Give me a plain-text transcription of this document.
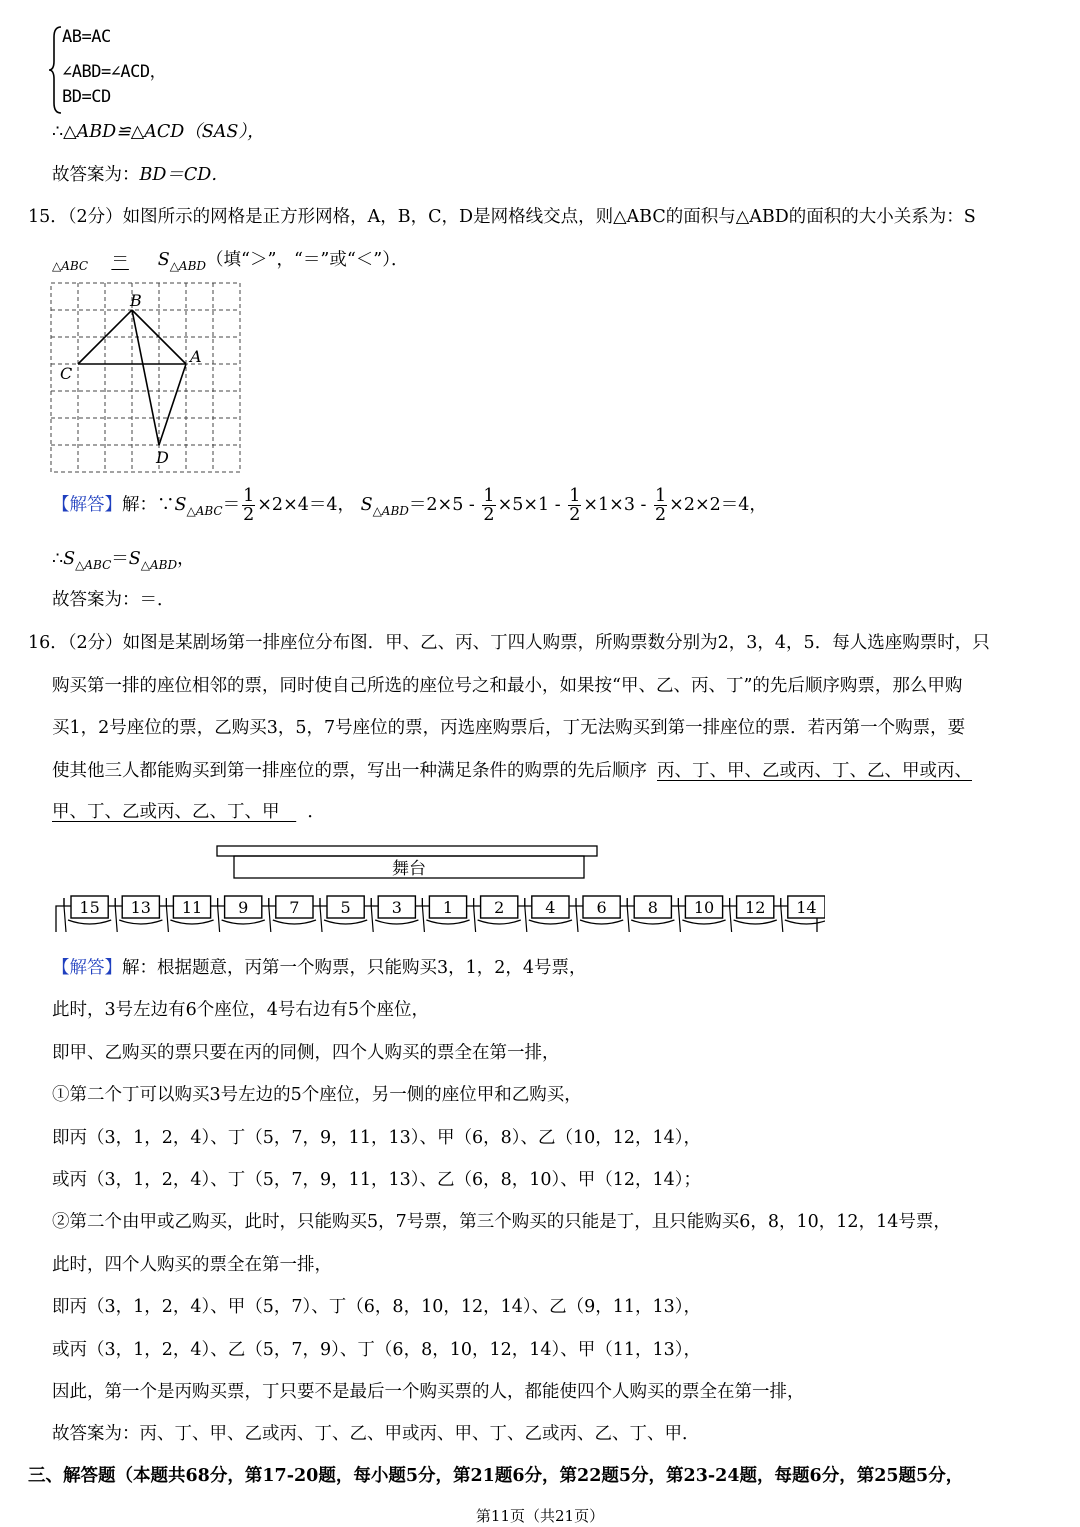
AB=AC
∠ABD=∠ACD，
BD=CD
∴△ABD≌△ACD（SAS），
故答案为：BD＝CD．
15．（2分）如图所示的网格是正方形网格，A，B，C，D是网格线交点，则△ABC的面积与△ABD的面积的大小关系为：S
$_{\triangle ABC} = S_{\triangle ABD}$（填“＞”，“＝”或“＜”）．
B
A
C
D
【解答】解：$\because S_{\triangle ABC}= \frac{1}{2} \times 2\times 4=4$， $S_{\triangle ABD}=2\times 5 - \frac{1}{2} \times 5\times 1 - \frac{1}{2} \times 1\times 3 - \frac{1}{2} \times 2\times 2=4$，
$\therefore S_{\triangle ABC}=S_{\triangle ABD}$，
故答案为：＝．
16．（2分）如图是某剧场第一排座位分布图．甲、乙、丙、丁四人购票，所购票数分别为2，3，4，5．每人选座购票时，只
购买第一排的座位相邻的票，同时使自己所选的座位号之和最小，如果按“甲、乙、丙、丁”的先后顺序购票，那么甲购
买1，2号座位的票，乙购买3，5，7号座位的票，丙选座购票后，丁无法购买到第一排座位的票．若丙第一个购票，要
使其他三人都能购买到第一排座位的票，写出一种满足条件的购票的先后顺序 丙、丁、甲、乙或丙、丁、乙、甲或丙、
甲、丁、乙或丙、乙、丁、甲 ．
舞台
15 13 11 9	7	5	3	1	2	4	6	8 10 12 14
【解答】解：根据题意，丙第一个购票，只能购买3，1，2，4号票，
此时，3号左边有6个座位，4号右边有5个座位，
即甲、乙购买的票只要在丙的同侧，四个人购买的票全在第一排，
①第二个丁可以购买3号左边的5个座位，另一侧的座位甲和乙购买，
即丙（3，1，2，4）、丁（5，7，9，11，13）、甲（6，8）、乙（10，12，14），
或丙（3，1，2，4）、丁（5，7，9，11，13）、乙（6，8，10）、甲（12，14）；
②第二个由甲或乙购买，此时，只能购买5，7号票，第三个购买的只能是丁，且只能购买6，8，10，12，14号票，
此时，四个人购买的票全在第一排，
即丙（3，1，2，4）、甲（5，7）、丁（6，8，10，12，14）、乙（9，11，13），
或丙（3，1，2，4）、乙（5，7，9）、丁（6，8，10，12，14）、甲（11，13），
因此，第一个是丙购买票，丁只要不是最后一个购买票的人，都能使四个人购买的票全在第一排，
故答案为：丙、丁、甲、乙或丙、丁、乙、甲或丙、甲、丁、乙或丙、乙、丁、甲．
三、解答题（本题共68分，第17-20题，每小题5分，第21题6分，第22题5分，第23-24题，每题6分，第25题5分，
第11页（共21页）
